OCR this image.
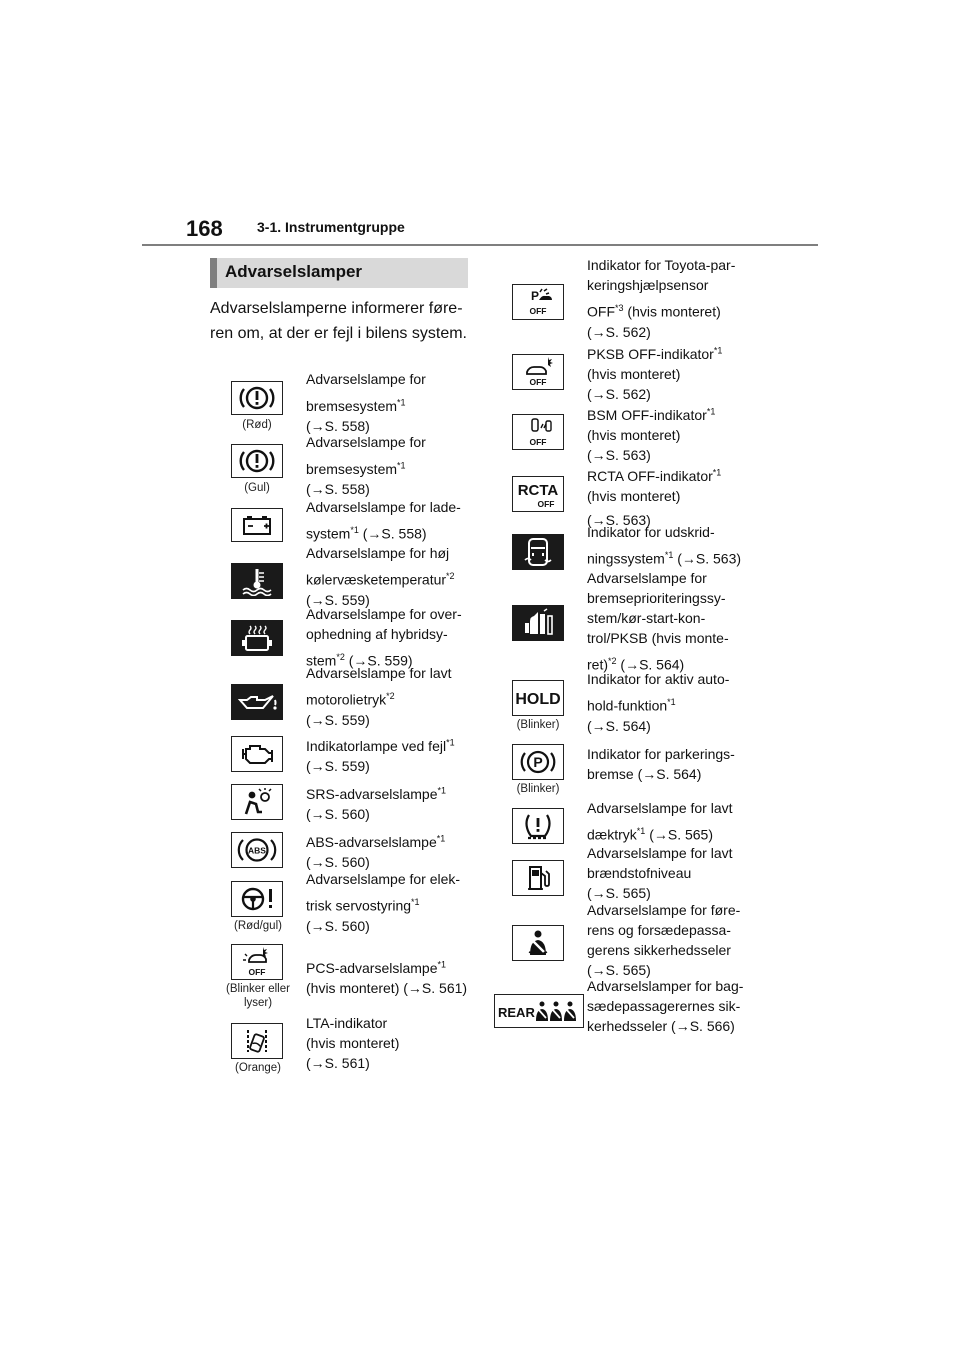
168 3-1. Instrumentgruppe
Advarselslamper
Advarselslamperne informerer føre-ren om, at der er fejl i bilens system.
(Rød)
Advarselslampe for
bremsesystem$^{*1}$
(→S. 558)
(Gul)
Advarselslampe for
bremsesystem$^{*1}$
(→S. 558)
Advarselslampe for lade-
system$^{*1}$ (→S. 558)
Advarselslampe for høj
kølervæsketemperatur$^{*2}$
(→S. 559)
Advarselslampe for over-
ophedning af hybridsy-
stem$^{*2}$ (→S. 559)
Advarselslampe for lavt
motorolietryk$^{*2}$
(→S. 559)
Indikatorlampe ved fejl$^{*1}$
(→S. 559)
SRS-advarselslampe$^{*1}$
(→S. 560)
ABS
ABS-advarselslampe$^{*1}$
(→S. 560)
(Rød/gul)
Advarselslampe for elek-
trisk servostyring$^{*1}$
(→S. 560)
OFF
(Blinker eller lyser)
PCS-advarselslampe$^{*1}$
(hvis monteret) (→S. 561)
(Orange)
LTA-indikator
(hvis monteret)
(→S. 561)
P
OFF
Indikator for Toyota-par-
keringshjælpsensor
OFF$^{*3}$ (hvis monteret)
(→S. 562)
OFF
PKSB OFF-indikator$^{*1}$
(hvis monteret)
(→S. 562)
OFF
BSM OFF-indikator$^{*1}$
(hvis monteret)
(→S. 563)
RCTA
OFF
RCTA OFF-indikator$^{*1}$
(hvis monteret)
(→S. 563)
Indikator for udskrid-
ningssystem$^{*1}$ (→S. 563)
Advarselslampe for
bremseprioriteringssy-
stem/kør-start-kon-
trol/PKSB (hvis monte-
ret)$^{*2}$ (→S. 564)
HOLD
(Blinker)
Indikator for aktiv auto-
hold-funktion$^{*1}$
(→S. 564)
P
(Blinker)
Indikator for parkerings-
bremse (→S. 564)
Advarselslampe for lavt
dæktryk$^{*1}$ (→S. 565)
Advarselslampe for lavt
brændstofniveau
(→S. 565)
Advarselslampe for føre-
rens og forsædepassa-
gerens sikkerhedsseler
(→S. 565)
REAR
Advarselslamper for bag-
sædepassagerernes sik-
kerhedsseler (→S. 566)
